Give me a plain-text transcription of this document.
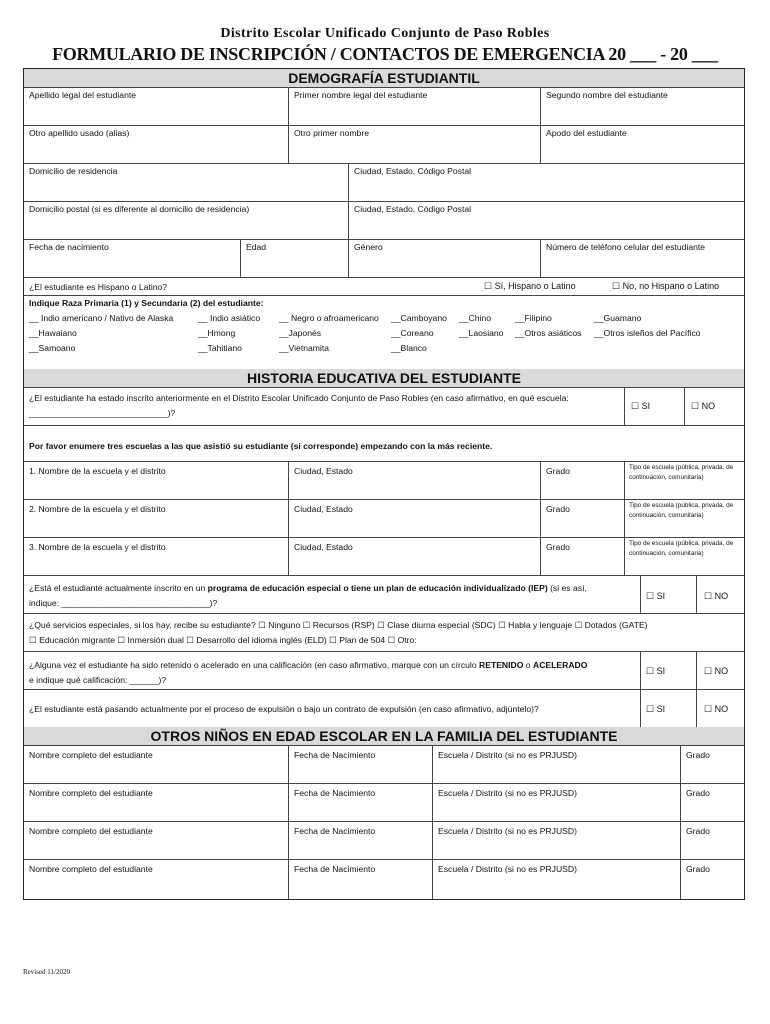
Distrito Escolar Unificado Conjunto de Paso Robles
FORMULARIO DE INSCRIPCIÓN / CONTACTOS DE EMERGENCIA 20 ___ - 20 ___
DEMOGRAFÍA ESTUDIANTIL
Apellido legal del estudiante	Primer nombre legal del estudiante	Segundo nombre del estudiante
Otro apellido usado (alias)	Otro primer nombre	Apodo del estudiante
Domicilio de residencia	Ciudad, Estado, Código Postal
Domicilio postal (si es diferente al domicilio de residencia)	Ciudad, Estado, Código Postal
Fecha de nacimiento	Edad	Género	Número de teléfono celular del estudiante
¿El estudiante es Hispano o Latino?	☐ Sí, Hispano o Latino	☐ No, no Hispano o Latino
Indique Raza Primaria (1) y Secundaria (2) del estudiante:
__ Indio americano / Nativo de Alaska	__ Indio asiático __ Negro o afroamericano __Camboyano __Chino	__Filipino	__Guamano
__Hawaiano	__Hmong	__Japonés	__Coreano	__Laosiano __Otros asiáticos __Otros isleños del Pacífico
__Samoano	__Tahitiano	__Vietnamita	__Blanco
HISTORIA EDUCATIVA DEL ESTUDIANTE
¿El estudiante ha estado inscrito anteriormente en el Distrito Escolar Unificado Conjunto de Paso Robles (en caso afirmativo, en qué escuela:
_____________________________)?
☐ SI	☐ NO
Por favor enumere tres escuelas a las que asistió su estudiante (si corresponde) empezando con la más reciente.
1. Nombre de la escuela y el distrito	Ciudad, Estado	Grado	Tipo de escuela (pública, privada, de continuación, comunitaria)
2. Nombre de la escuela y el distrito	Ciudad, Estado	Grado	Tipo de escuela (pública, privada, de continuación, comunitaria)
3. Nombre de la escuela y el distrito	Ciudad, Estado	Grado	Tipo de escuela (pública, privada, de continuación, comunitaria)
¿Está el estudiante actualmente inscrito en un programa de educación especial o tiene un plan de educación individualizado (IEP) (si es así,
indique: _______________________________)?
☐ SI	☐ NO
¿Qué servicios especiales, si los hay, recibe su estudiante? ☐ Ninguno ☐ Recursos (RSP) ☐ Clase diurna especial (SDC) ☐ Habla y lenguaje ☐ Dotados (GATE)
☐ Educación migrante ☐ Inmersión dual ☐ Desarrollo del idioma inglés (ELD) ☐ Plan de 504 ☐ Otro:
¿Alguna vez el estudiante ha sido retenido o acelerado en una calificación (en caso afirmativo, marque con un círculo RETENIDO o ACELERADO
e indique qué calificación: ______)?
☐ SI	☐ NO
¿El estudiante está pasando actualmente por el proceso de expulsión o bajo un contrato de expulsión (en caso afirmativo, adjúntelo)?	☐ SI	☐ NO
OTROS NIÑOS EN EDAD ESCOLAR EN LA FAMILIA DEL ESTUDIANTE
Nombre completo del estudiante	Fecha de Nacimiento	Escuela / Distrito (si no es PRJUSD)	Grado
Nombre completo del estudiante	Fecha de Nacimiento	Escuela / Distrito (si no es PRJUSD)	Grado
Nombre completo del estudiante	Fecha de Nacimiento	Escuela / Distrito (si no es PRJUSD)	Grado
Nombre completo del estudiante	Fecha de Nacimiento	Escuela / Distrito (si no es PRJUSD)	Grado
Revised 11/2020
